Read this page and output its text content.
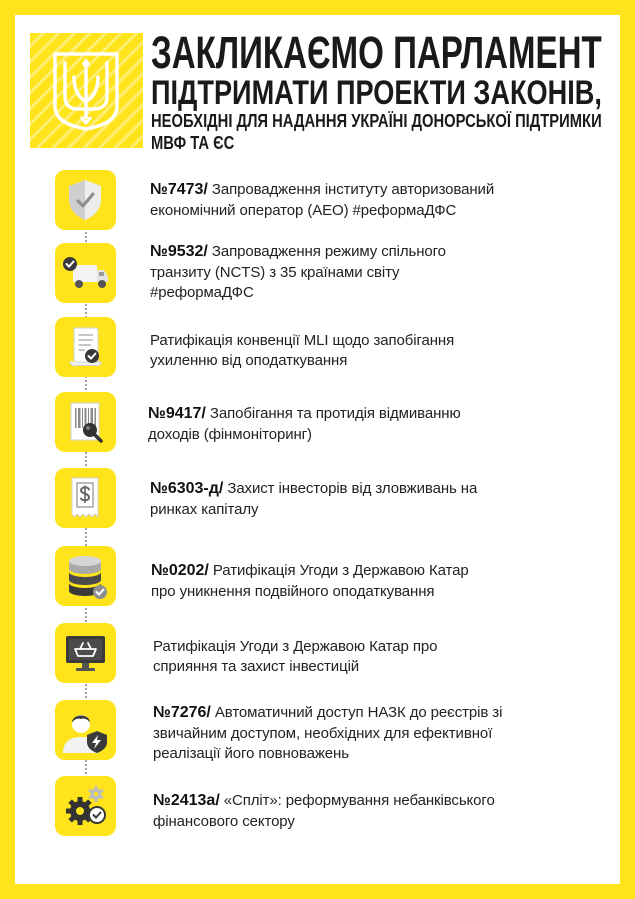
ЗАКЛИКАЄМО ПАРЛАМЕНТ
ПІДТРИМАТИ ПРОЕКТИ ЗАКОНІВ,
НЕОБХІДНІ ДЛЯ НАДАННЯ УКРАЇНІ ДОНОРСЬКОЇ ПІДТРИМКИ
МВФ ТА ЄС
№7473/ Запровадження інституту авторизований
економічний оператор (АЕО) #реформаДФС
№9532/ Запровадження режиму спільного
транзиту (NCTS) з 35 країнами світу
#реформаДФС
Ратифікація конвенції MLI щодо запобігання
ухиленню від оподаткування
№9417/ Запобігання та протидія відмиванню
доходів (фінмоніторинг)
№6303-д/ Захист інвесторів від зловживань на
ринках капіталу
№0202/ Ратифікація Угоди з Державою Катар
про уникнення подвійного оподаткування
Ратифікація Угоди з Державою Катар про
сприяння та захист інвестицій
№7276/ Автоматичний доступ НАЗК до реєстрів зі
звичайним доступом, необхідних для ефективної
реалізації його повноважень
№2413а/ «Спліт»: реформування небанківського
фінансового сектору
